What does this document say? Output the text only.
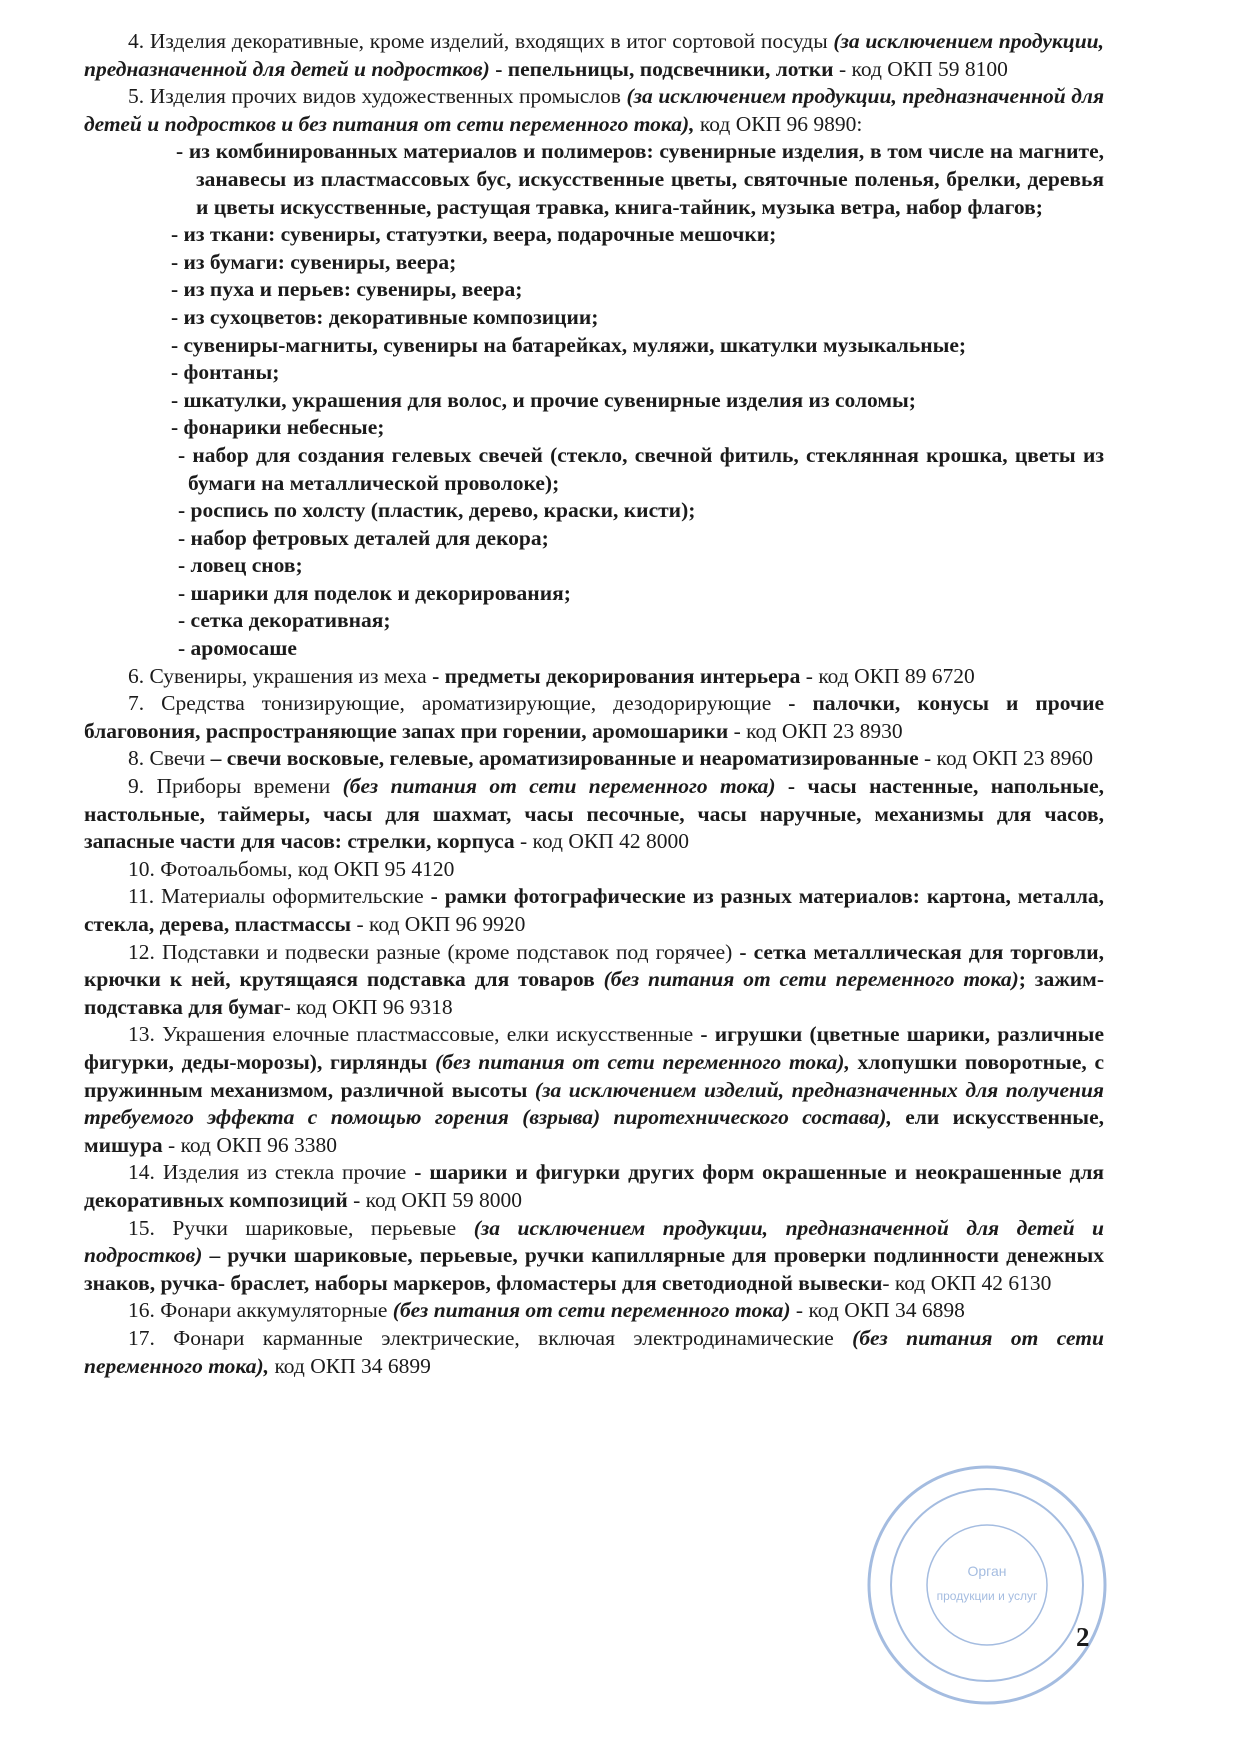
4. Изделия декоративные, кроме изделий, входящих в итог сортовой посуды (за исключением продукции, предназначенной для детей и подростков) - пепельницы, подсвечники, лотки - код ОКП 59 8100

5. Изделия прочих видов художественных промыслов (за исключением продукции, предназначенной для детей и подростков и без питания от сети переменного тока), код ОКП 96 9890:

- из комбинированных материалов и полимеров: сувенирные изделия, в том числе на магните, занавесы из пластмассовых бус, искусственные цветы, святочные поленья, брелки, деревья и цветы искусственные, растущая травка, книга-тайник, музыка ветра, набор флагов;
- из ткани: сувениры, статуэтки, веера, подарочные мешочки;
- из бумаги: сувениры, веера;
- из пуха и перьев: сувениры, веера;
- из сухоцветов: декоративные композиции;
- сувениры-магниты, сувениры на батарейках, муляжи, шкатулки музыкальные;
- фонтаны;
- шкатулки, украшения для волос, и прочие сувенирные изделия из соломы;
- фонарики небесные;
- набор для создания гелевых свечей (стекло, свечной фитиль, стеклянная крошка, цветы из бумаги на металлической проволоке);
- роспись по холсту (пластик, дерево, краски, кисти);
- набор фетровых деталей для декора;
- ловец снов;
- шарики для поделок и декорирования;
- сетка декоративная;
- аромосаше

6. Сувениры, украшения из меха - предметы декорирования интерьера - код ОКП 89 6720

7. Средства тонизирующие, ароматизирующие, дезодорирующие - палочки, конусы и прочие благовония, распространяющие запах при горении, аромошарики - код ОКП 23 8930

8. Свечи – свечи восковые, гелевые, ароматизированные и неароматизированные - код ОКП 23 8960

9. Приборы времени (без питания от сети переменного тока) - часы настенные, напольные, настольные, таймеры, часы для шахмат, часы песочные, часы наручные, механизмы для часов, запасные части для часов: стрелки, корпуса - код ОКП 42 8000

10. Фотоальбомы, код ОКП 95 4120

11. Материалы оформительские - рамки фотографические из разных материалов: картона, металла, стекла, дерева, пластмассы - код ОКП 96 9920

12. Подставки и подвески разные (кроме подставок под горячее) - сетка металлическая для торговли, крючки к ней, крутящаяся подставка для товаров (без питания от сети переменного тока); зажим-подставка для бумаг- код ОКП 96 9318

13. Украшения елочные пластмассовые, елки искусственные - игрушки (цветные шарики, различные фигурки, деды-морозы), гирлянды (без питания от сети переменного тока), хлопушки поворотные, с пружинным механизмом, различной высоты (за исключением изделий, предназначенных для получения требуемого эффекта с помощью горения (взрыва) пиротехнического состава), ели искусственные, мишура - код ОКП 96 3380

14. Изделия из стекла прочие - шарики и фигурки других форм окрашенные и неокрашенные для декоративных композиций - код ОКП 59 8000

15. Ручки шариковые, перьевые (за исключением продукции, предназначенной для детей и подростков) – ручки шариковые, перьевые, ручки капиллярные для проверки подлинности денежных знаков, ручка- браслет, наборы маркеров, фломастеры для светодиодной вывески- код ОКП 42 6130

16. Фонари аккумуляторные (без питания от сети переменного тока) - код ОКП 34 6898

17. Фонари карманные электрические, включая электродинамические (без питания от сети переменного тока), код ОКП 34 6899

Орган
продукции и услуг
2
